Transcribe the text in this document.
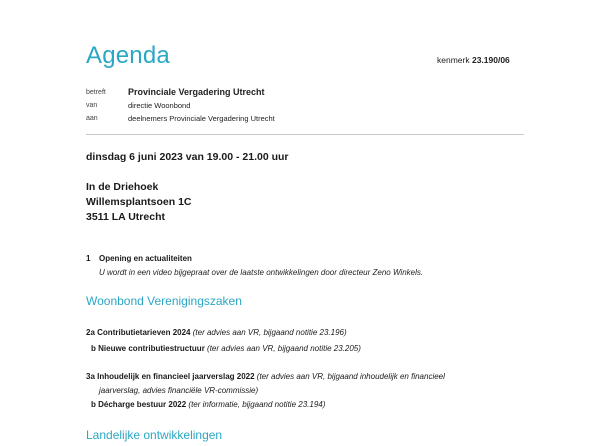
Agenda	kenmerk 23.190/06
betreft Provinciale Vergadering Utrecht
van	directie Woonbond
aan	deelnemers Provinciale Vergadering Utrecht
dinsdag 6 juni 2023 van 19.00 - 21.00 uur
In de Driehoek
Willemsplantsoen 1C
3511 LA Utrecht
1 Opening en actualiteiten
U wordt in een video bijgepraat over de laatste ontwikkelingen door directeur Zeno Winkels.
Woonbond Verenigingszaken
2a Contributietarieven 2024 (ter advies aan VR, bijgaand notitie 23.196)
b Nieuwe contributiestructuur (ter advies aan VR, bijgaand notitie 23.205)
3a Inhoudelijk en financieel jaarverslag 2022 (ter advies aan VR, bijgaand inhoudelijk en financieel
jaarverslag, advies financiële VR-commissie)
b Décharge bestuur 2022 (ter informatie, bijgaand notitie 23.194)
Landelijke ontwikkelingen
